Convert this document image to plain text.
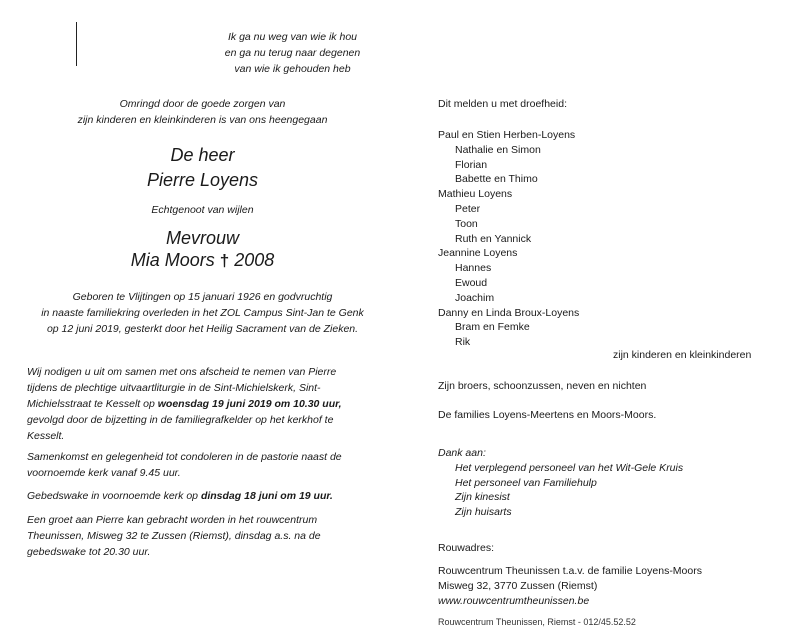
Ik ga nu weg van wie ik hou
en ga nu terug naar degenen
van wie ik gehouden heb
Omringd door de goede zorgen van
zijn kinderen en kleinkinderen is van ons heengegaan
De heer
Pierre Loyens
Echtgenoot van wijlen
Mevrouw
Mia Moors † 2008
Geboren te Vlijtingen op 15 januari 1926 en godvruchtig
in naaste familiekring overleden in het ZOL Campus Sint-Jan te Genk
op 12 juni 2019, gesterkt door het Heilig Sacrament van de Zieken.
Wij nodigen u uit om samen met ons afscheid te nemen van Pierre tijdens de plechtige uitvaartliturgie in de Sint-Michielskerk, Sint-Michielsstraat te Kesselt op woensdag 19 juni 2019 om 10.30 uur, gevolgd door de bijzetting in de familiegrafkelder op het kerkhof te Kesselt.
Samenkomst en gelegenheid tot condoleren in de pastorie naast de voornoemde kerk vanaf 9.45 uur.
Gebedswake in voornoemde kerk op dinsdag 18 juni om 19 uur.
Een groet aan Pierre kan gebracht worden in het rouwcentrum Theunissen, Misweg 32 te Zussen (Riemst), dinsdag a.s. na de gebedswake tot 20.30 uur.
Dit melden u met droefheid:
Paul en Stien Herben-Loyens
Nathalie en Simon
Florian
Babette en Thimo
Mathieu Loyens
Peter
Toon
Ruth en Yannick
Jeannine Loyens
Hannes
Ewoud
Joachim
Danny en Linda Broux-Loyens
Bram en Femke
Rik
zijn kinderen en kleinkinderen
Zijn broers, schoonzussen, neven en nichten
De families Loyens-Meertens en Moors-Moors.
Dank aan:
Het verplegend personeel van het Wit-Gele Kruis
Het personeel van Familiehulp
Zijn kinesist
Zijn huisarts
Rouwadres:
Rouwcentrum Theunissen t.a.v. de familie Loyens-Moors
Misweg 32, 3770 Zussen (Riemst)
www.rouwcentrumtheunissen.be
Rouwcentrum Theunissen, Riemst - 012/45.52.52
